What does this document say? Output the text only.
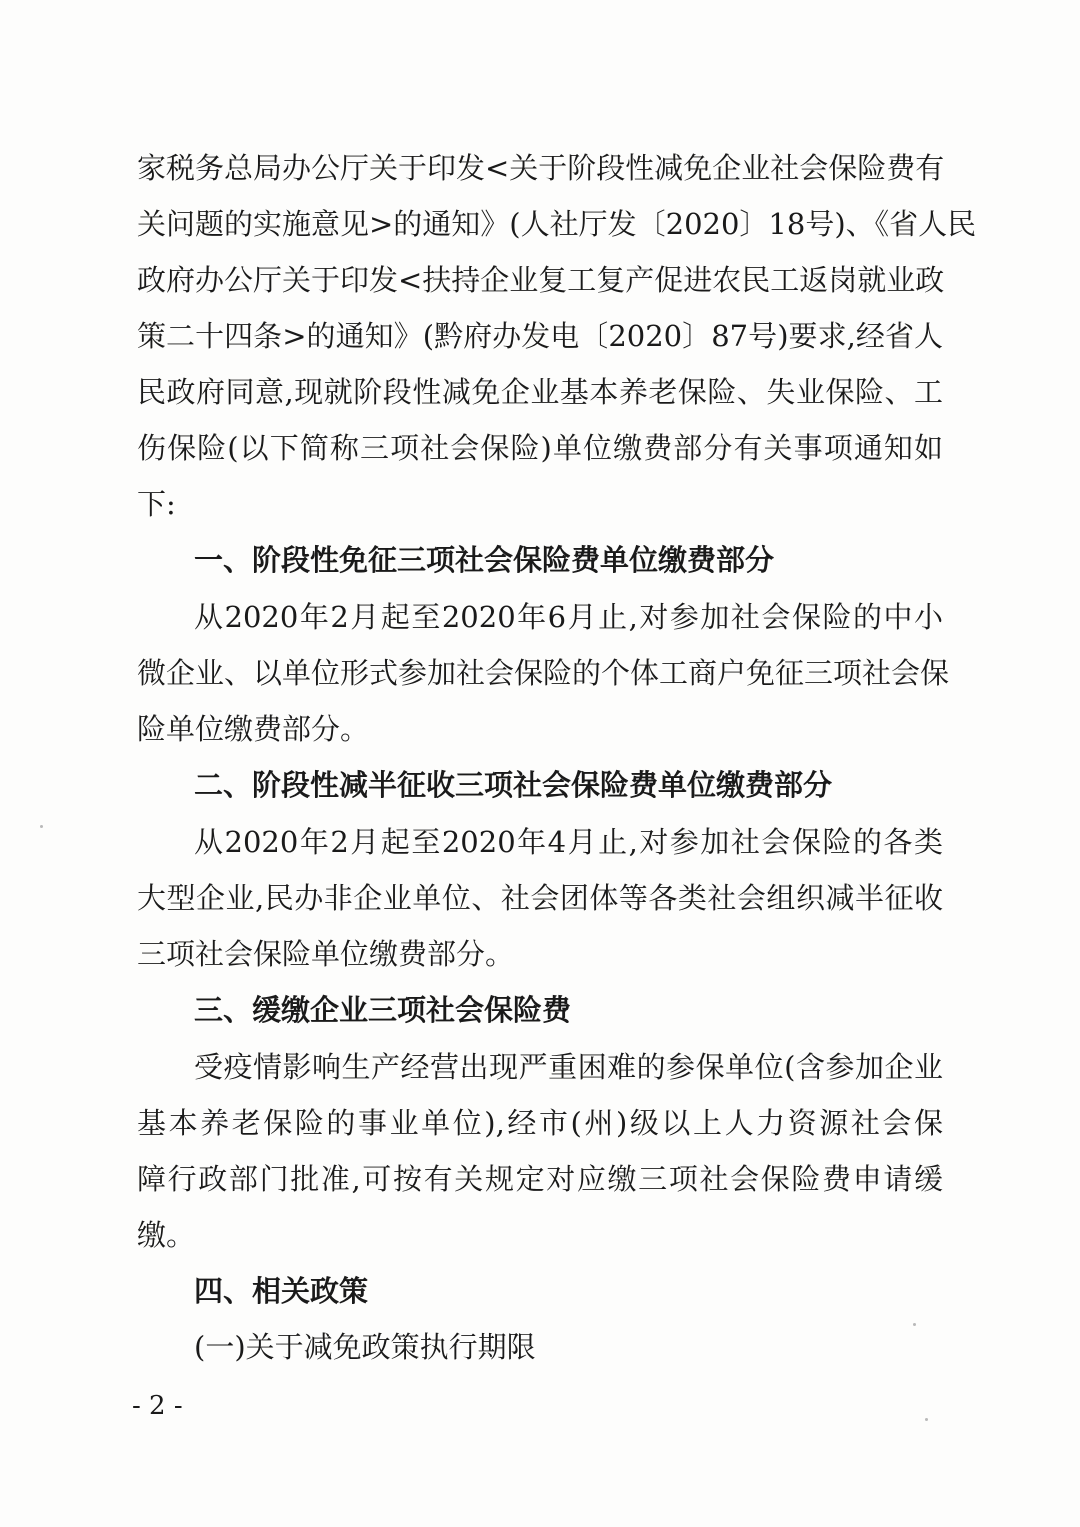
家税务总局办公厅关于印发<关于阶段性减免企业社会保险费有
关问题的实施意见>的通知》(人社厅发〔2020〕18号)、《省人民
政府办公厅关于印发<扶持企业复工复产促进农民工返岗就业政
策二十四条>的通知》(黔府办发电〔2020〕87号)要求,经省人
民政府同意,现就阶段性减免企业基本养老保险、失业保险、工
伤保险(以下简称三项社会保险)单位缴费部分有关事项通知如
下:
一、阶段性免征三项社会保险费单位缴费部分
从2020年2月起至2020年6月止,对参加社会保险的中小
微企业、以单位形式参加社会保险的个体工商户免征三项社会保
险单位缴费部分。
二、阶段性减半征收三项社会保险费单位缴费部分
从2020年2月起至2020年4月止,对参加社会保险的各类
大型企业,民办非企业单位、社会团体等各类社会组织减半征收
三项社会保险单位缴费部分。
三、缓缴企业三项社会保险费
受疫情影响生产经营出现严重困难的参保单位(含参加企业
基本养老保险的事业单位),经市(州)级以上人力资源社会保
障行政部门批准,可按有关规定对应缴三项社会保险费申请缓
缴。
四、相关政策
(一)关于减免政策执行期限
- 2 -
